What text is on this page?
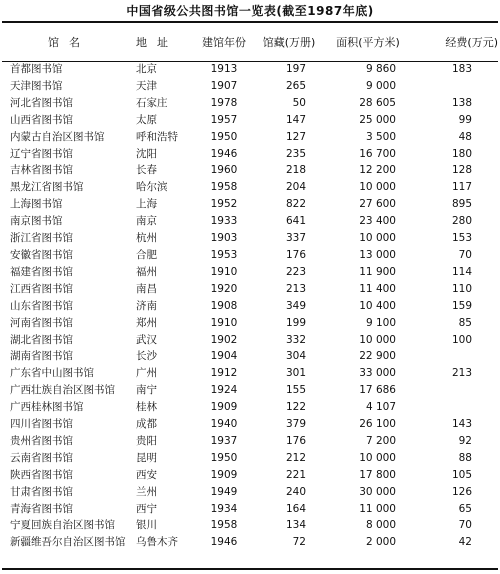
中国省级公共图书馆一览表(截至1987年底)
馆名	地址	建馆年份	馆藏(万册)	面积(平方米)	经费(万元)
首都图书馆	北京	1913	197	9 860	183
天津图书馆	天津	1907	265	9 000	
河北省图书馆	石家庄	1978	50	28 605	138
山西省图书馆	太原	1957	147	25 000	99
内蒙古自治区图书馆	呼和浩特	1950	127	3 500	48
辽宁省图书馆	沈阳	1946	235	16 700	180
吉林省图书馆	长春	1960	218	12 200	128
黑龙江省图书馆	哈尔滨	1958	204	10 000	117
上海图书馆	上海	1952	822	27 600	895
南京图书馆	南京	1933	641	23 400	280
浙江省图书馆	杭州	1903	337	10 000	153
安徽省图书馆	合肥	1953	176	13 000	70
福建省图书馆	福州	1910	223	11 900	114
江西省图书馆	南昌	1920	213	11 400	110
山东省图书馆	济南	1908	349	10 400	159
河南省图书馆	郑州	1910	199	9 100	85
湖北省图书馆	武汉	1902	332	10 000	100
湖南省图书馆	长沙	1904	304	22 900	
广东省中山图书馆	广州	1912	301	33 000	213
广西壮族自治区图书馆	南宁	1924	155	17 686	
广西桂林图书馆	桂林	1909	122	4 107	
四川省图书馆	成都	1940	379	26 100	143
贵州省图书馆	贵阳	1937	176	7 200	92
云南省图书馆	昆明	1950	212	10 000	88
陕西省图书馆	西安	1909	221	17 800	105
甘肃省图书馆	兰州	1949	240	30 000	126
青海省图书馆	西宁	1934	164	11 000	65
宁夏回族自治区图书馆	银川	1958	134	8 000	70
新疆维吾尔自治区图书馆	乌鲁木齐	1946	72	2 000	42
